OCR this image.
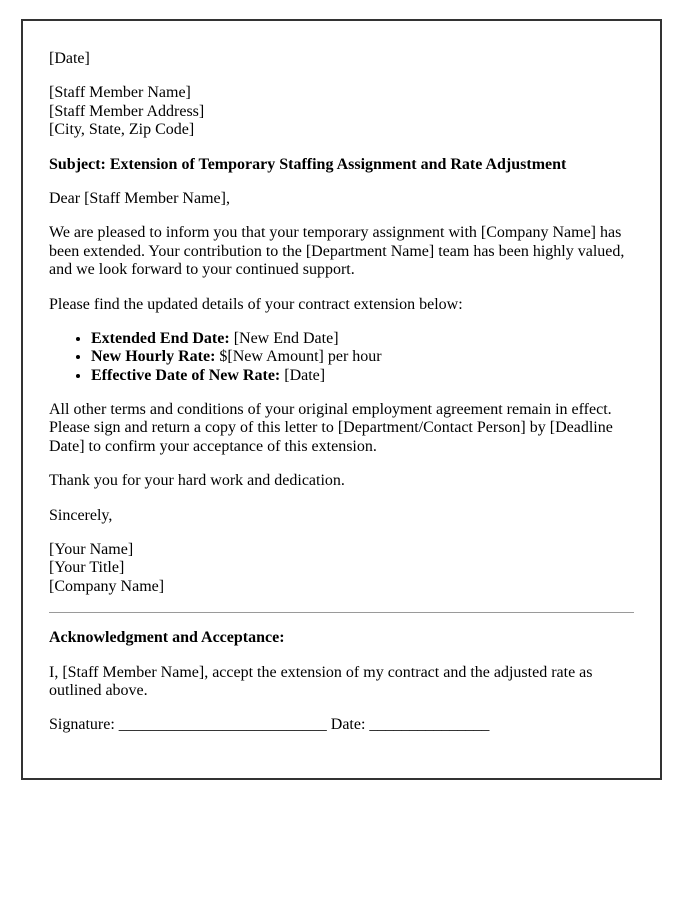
[Date]

[Staff Member Name]
[Staff Member Address]
[City, State, Zip Code]

Subject: Extension of Temporary Staffing Assignment and Rate Adjustment

Dear [Staff Member Name],

We are pleased to inform you that your temporary assignment with [Company Name] has been extended. Your contribution to the [Department Name] team has been highly valued, and we look forward to your continued support.

Please find the updated details of your contract extension below:

• Extended End Date: [New End Date]
• New Hourly Rate: $[New Amount] per hour
• Effective Date of New Rate: [Date]

All other terms and conditions of your original employment agreement remain in effect. Please sign and return a copy of this letter to [Department/Contact Person] by [Deadline Date] to confirm your acceptance of this extension.

Thank you for your hard work and dedication.

Sincerely,

[Your Name]
[Your Title]
[Company Name]

Acknowledgment and Acceptance:

I, [Staff Member Name], accept the extension of my contract and the adjusted rate as outlined above.

Signature: __________________________ Date: _______________
